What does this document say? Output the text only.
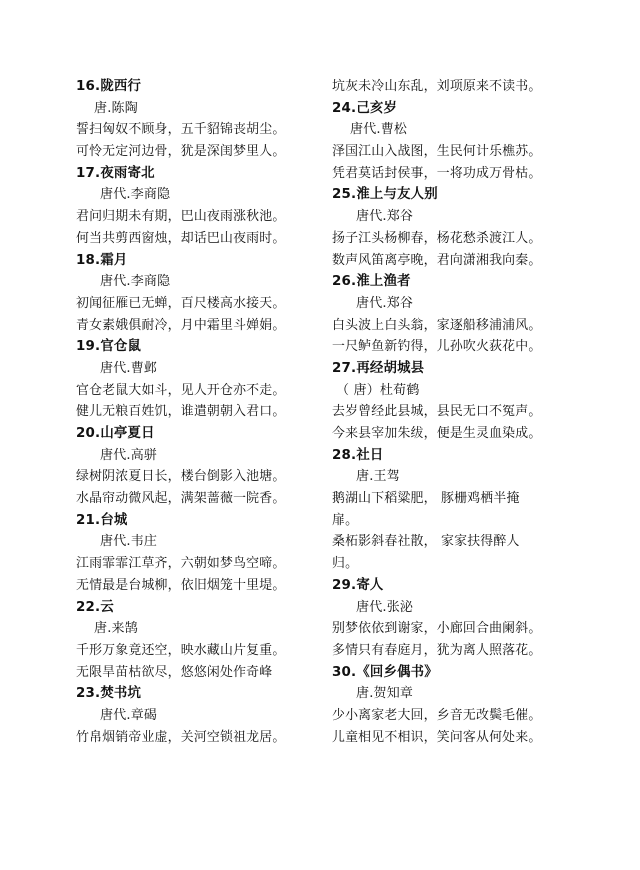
16.陇西行
唐.陈陶
誓扫匈奴不顾身，五千貂锦丧胡尘。
可怜无定河边骨，犹是深闺梦里人。
17.夜雨寄北
唐代.李商隐
君问归期未有期，巴山夜雨涨秋池。
何当共剪西窗烛，却话巴山夜雨时。
18.霜月
唐代.李商隐
初闻征雁已无蝉，百尺楼高水接天。
青女素娥俱耐冷，月中霜里斗婵娟。
19.官仓鼠
唐代.曹邺
官仓老鼠大如斗，见人开仓亦不走。
健儿无粮百姓饥，谁遣朝朝入君口。
20.山亭夏日
唐代.高骈
绿树阴浓夏日长，楼台倒影入池塘。
水晶帘动微风起，满架蔷薇一院香。
21.台城
唐代.韦庄
江雨霏霏江草齐，六朝如梦鸟空啼。
无情最是台城柳，依旧烟笼十里堤。
22.云
唐.来鹄
千形万象竟还空，映水藏山片复重。
无限旱苗枯欲尽，悠悠闲处作奇峰
23.焚书坑
唐代.章碣
竹帛烟销帝业虚，关河空锁祖龙居。
坑灰未冷山东乱，刘项原来不读书。
24.己亥岁
唐代.曹松
泽国江山入战图，生民何计乐樵苏。
凭君莫话封侯事，一将功成万骨枯。
25.淮上与友人别
唐代.郑谷
扬子江头杨柳春，杨花愁杀渡江人。
数声风笛离亭晚，君向潇湘我向秦。
26.淮上渔者
唐代.郑谷
白头波上白头翁，家逐船移浦浦风。
一尺鲈鱼新钓得，儿孙吹火荻花中。
27.再经胡城县
（ 唐）杜荀鹤
去岁曾经此县城，县民无口不冤声。
今来县宰加朱绂，便是生灵血染成。
28.社日
唐.王驾
鹅湖山下稻粱肥， 豚栅鸡栖半掩
扉。
桑柘影斜春社散， 家家扶得醉人
归。
29.寄人
唐代.张泌
别梦依依到谢家，小廊回合曲阑斜。
多情只有春庭月，犹为离人照落花。
30.《回乡偶书》
唐.贺知章
少小离家老大回，乡音无改鬓毛催。
儿童相见不相识，笑问客从何处来。
